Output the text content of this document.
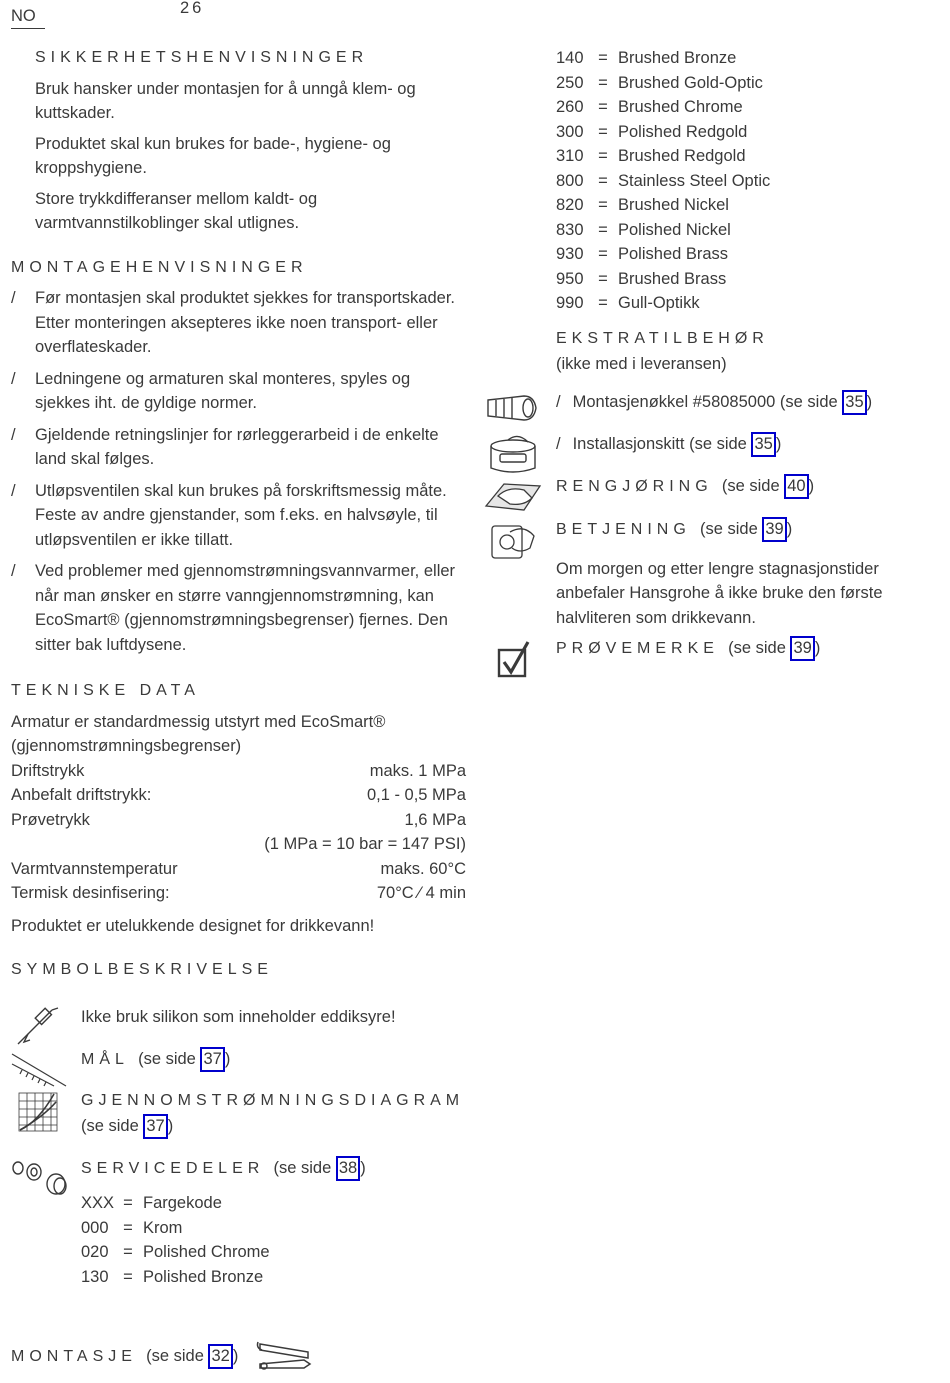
NO	26
SIKKERHETSHENVISNINGER
Bruk hansker under montasjen for å unngå klem- og kuttskader.
Produktet skal kun brukes for bade-, hygiene- og kroppshygiene.
Store trykkdifferanser mellom kaldt- og varmtvannstilkoblinger skal utlignes.
MONTAGEHENVISNINGER
/ Før montasjen skal produktet sjekkes for transportskader. Etter monteringen aksepteres ikke noen transport- eller overflateskader.
/ Ledningene og armaturen skal monteres, spyles og sjekkes iht. de gyldige normer.
/ Gjeldende retningslinjer for rørleggerarbeid i de enkelte land skal følges.
/ Utløpsventilen skal kun brukes på forskriftsmessig måte. Feste av andre gjenstander, som f.eks. en halvsøyle, til utløpsventilen er ikke tillatt.
/ Ved problemer med gjennomstrømningsvannvarmer, eller når man ønsker en større vanngjennomstrømning, kan EcoSmart® (gjennomstrømningsbegrenser) fjernes. Den sitter bak luftdysene.
TEKNISKE DATA
Armatur er standardmessig utstyrt med EcoSmart® (gjennomstrømningsbegrenser)
Driftstrykk	maks. 1 MPa
Anbefalt driftstrykk:	0,1 - 0,5 MPa
Prøvetrykk	1,6 MPa
(1 MPa = 10 bar = 147 PSI)
Varmtvannstemperatur	maks. 60°C
Termisk desinfisering:	70°C ⁄ 4 min
Produktet er utelukkende designet for drikkevann!
SYMBOLBESKRIVELSE
Ikke bruk silikon som inneholder eddiksyre!
MÅL (se side 37 )
GJENNOMSTRØMNINGSDIAGRAM
(se side 37 )
SERVICEDELER (se side 38 )
XXX = Fargekode
000 = Krom
020 = Polished Chrome
130 = Polished Bronze
MONTASJE (se side 32 )
140 = Brushed Bronze
250 = Brushed Gold-Optic
260 = Brushed Chrome
300 = Polished Redgold
310 = Brushed Redgold
800 = Stainless Steel Optic
820 = Brushed Nickel
830 = Polished Nickel
930 = Polished Brass
950 = Brushed Brass
990 = Gull-Optikk
EKSTRATILBEHØR
(ikke med i leveransen)
/ Montasjenøkkel #58085000 (se side 35 )
/ Installasjonskitt (se side 35 )
RENGJØRING (se side 40 )
BETJENING (se side 39 )
Om morgen og etter lengre stagnasjonstider anbefaler Hansgrohe å ikke bruke den første halvliteren som drikkevann.
PRØVEMERKE (se side 39 )
